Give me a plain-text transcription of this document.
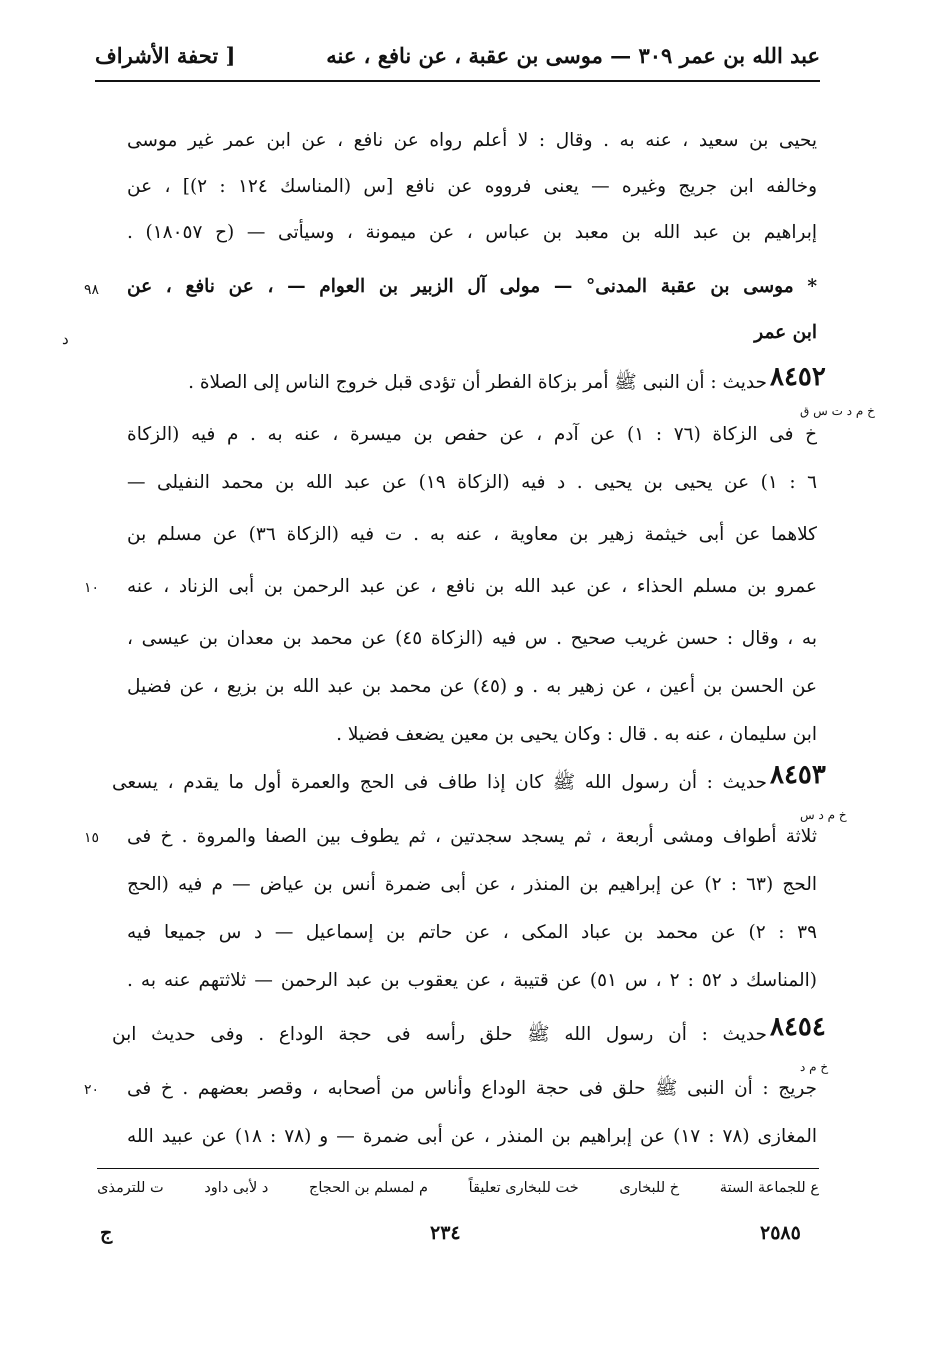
عبد الله بن عمر ٣٠٩ — موسى بن عقبة ، عن نافع ، عنه
[ تحفة الأشراف
يحيى بن سعيد ، عنه به . وقال : لا أعلم رواه عن نافع ، عن ابن عمر غير موسى
وخالفه ابن جريج وغيره — يعنى فرووه عن نافع [س (المناسك ١٢٤ : ٢)] ، عن
إبراهيم بن عبد الله بن معبد بن عباس ، عن ميمونة ، وسيأتى — (ح ١٨٠٥٧) .
٩٨ * موسى بن عقبة المدنى° — مولى آل الزبير بن العوام — ، عن نافع ، عن
ابن عمر
د
٨٤٥٢
حديث : أن النبى ﷺ أمر بزكاة الفطر أن تؤدى قبل خروج الناس إلى الصلاة .
خ م د ت س ق
خ فى الزكاة (٧٦ : ١) عن آدم ، عن حفص بن ميسرة ، عنه به . م فيه (الزكاة
٦ : ١) عن يحيى بن يحيى . د فيه (الزكاة ١٩) عن عبد الله بن محمد النفيلى —
كلاهما عن أبى خيثمة زهير بن معاوية ، عنه به . ت فيه (الزكاة ٣٦) عن مسلم بن
عمرو بن مسلم الحذاء ، عن عبد الله بن نافع ، عن عبد الرحمن بن أبى الزناد ، عنه
١٠
به ، وقال : حسن غريب صحيح . س فيه (الزكاة ٤٥) عن محمد بن معدان بن عيسى ،
عن الحسن بن أعين ، عن زهير به . و (٤٥) عن محمد بن عبد الله بن بزيع ، عن فضيل
ابن سليمان ، عنه به . قال : وكان يحيى بن معين يضعف فضيلا .
٨٤٥٣
حديث : أن رسول الله ﷺ كان إذا طاف فى الحج والعمرة أول ما يقدم ، يسعى
خ م د س
ثلاثة أطواف ومشى أربعة ، ثم يسجد سجدتين ، ثم يطوف بين الصفا والمروة . خ فى
١٥
الحج (٦٣ : ٢) عن إبراهيم بن المنذر ، عن أبى ضمرة أنس بن عياض — م فيه (الحج
٣٩ : ٢) عن محمد بن عباد المكى ، عن حاتم بن إسماعيل — د س جميعا فيه
(المناسك د ٥٢ : ٢ ، س ٥١) عن قتيبة ، عن يعقوب بن عبد الرحمن — ثلاثتهم عنه به .
٨٤٥٤
حديث : أن رسول الله ﷺ حلق رأسه فى حجة الوداع . وفى حديث ابن
خ م د
جريج : أن النبى ﷺ حلق فى حجة الوداع وأناس من أصحابه ، وقصر بعضهم . خ فى
٢٠
المغازى (٧٨ : ١٧) عن إبراهيم بن المنذر ، عن أبى ضمرة — و (٧٨ : ١٨) عن عبيد الله
ع للجماعة الستة
خ للبخارى
خت للبخارى تعليقاً
م لمسلم بن الحجاج
د لأبى داود
ت للترمذى
٢٥٨٥
٢٣٤
ج
